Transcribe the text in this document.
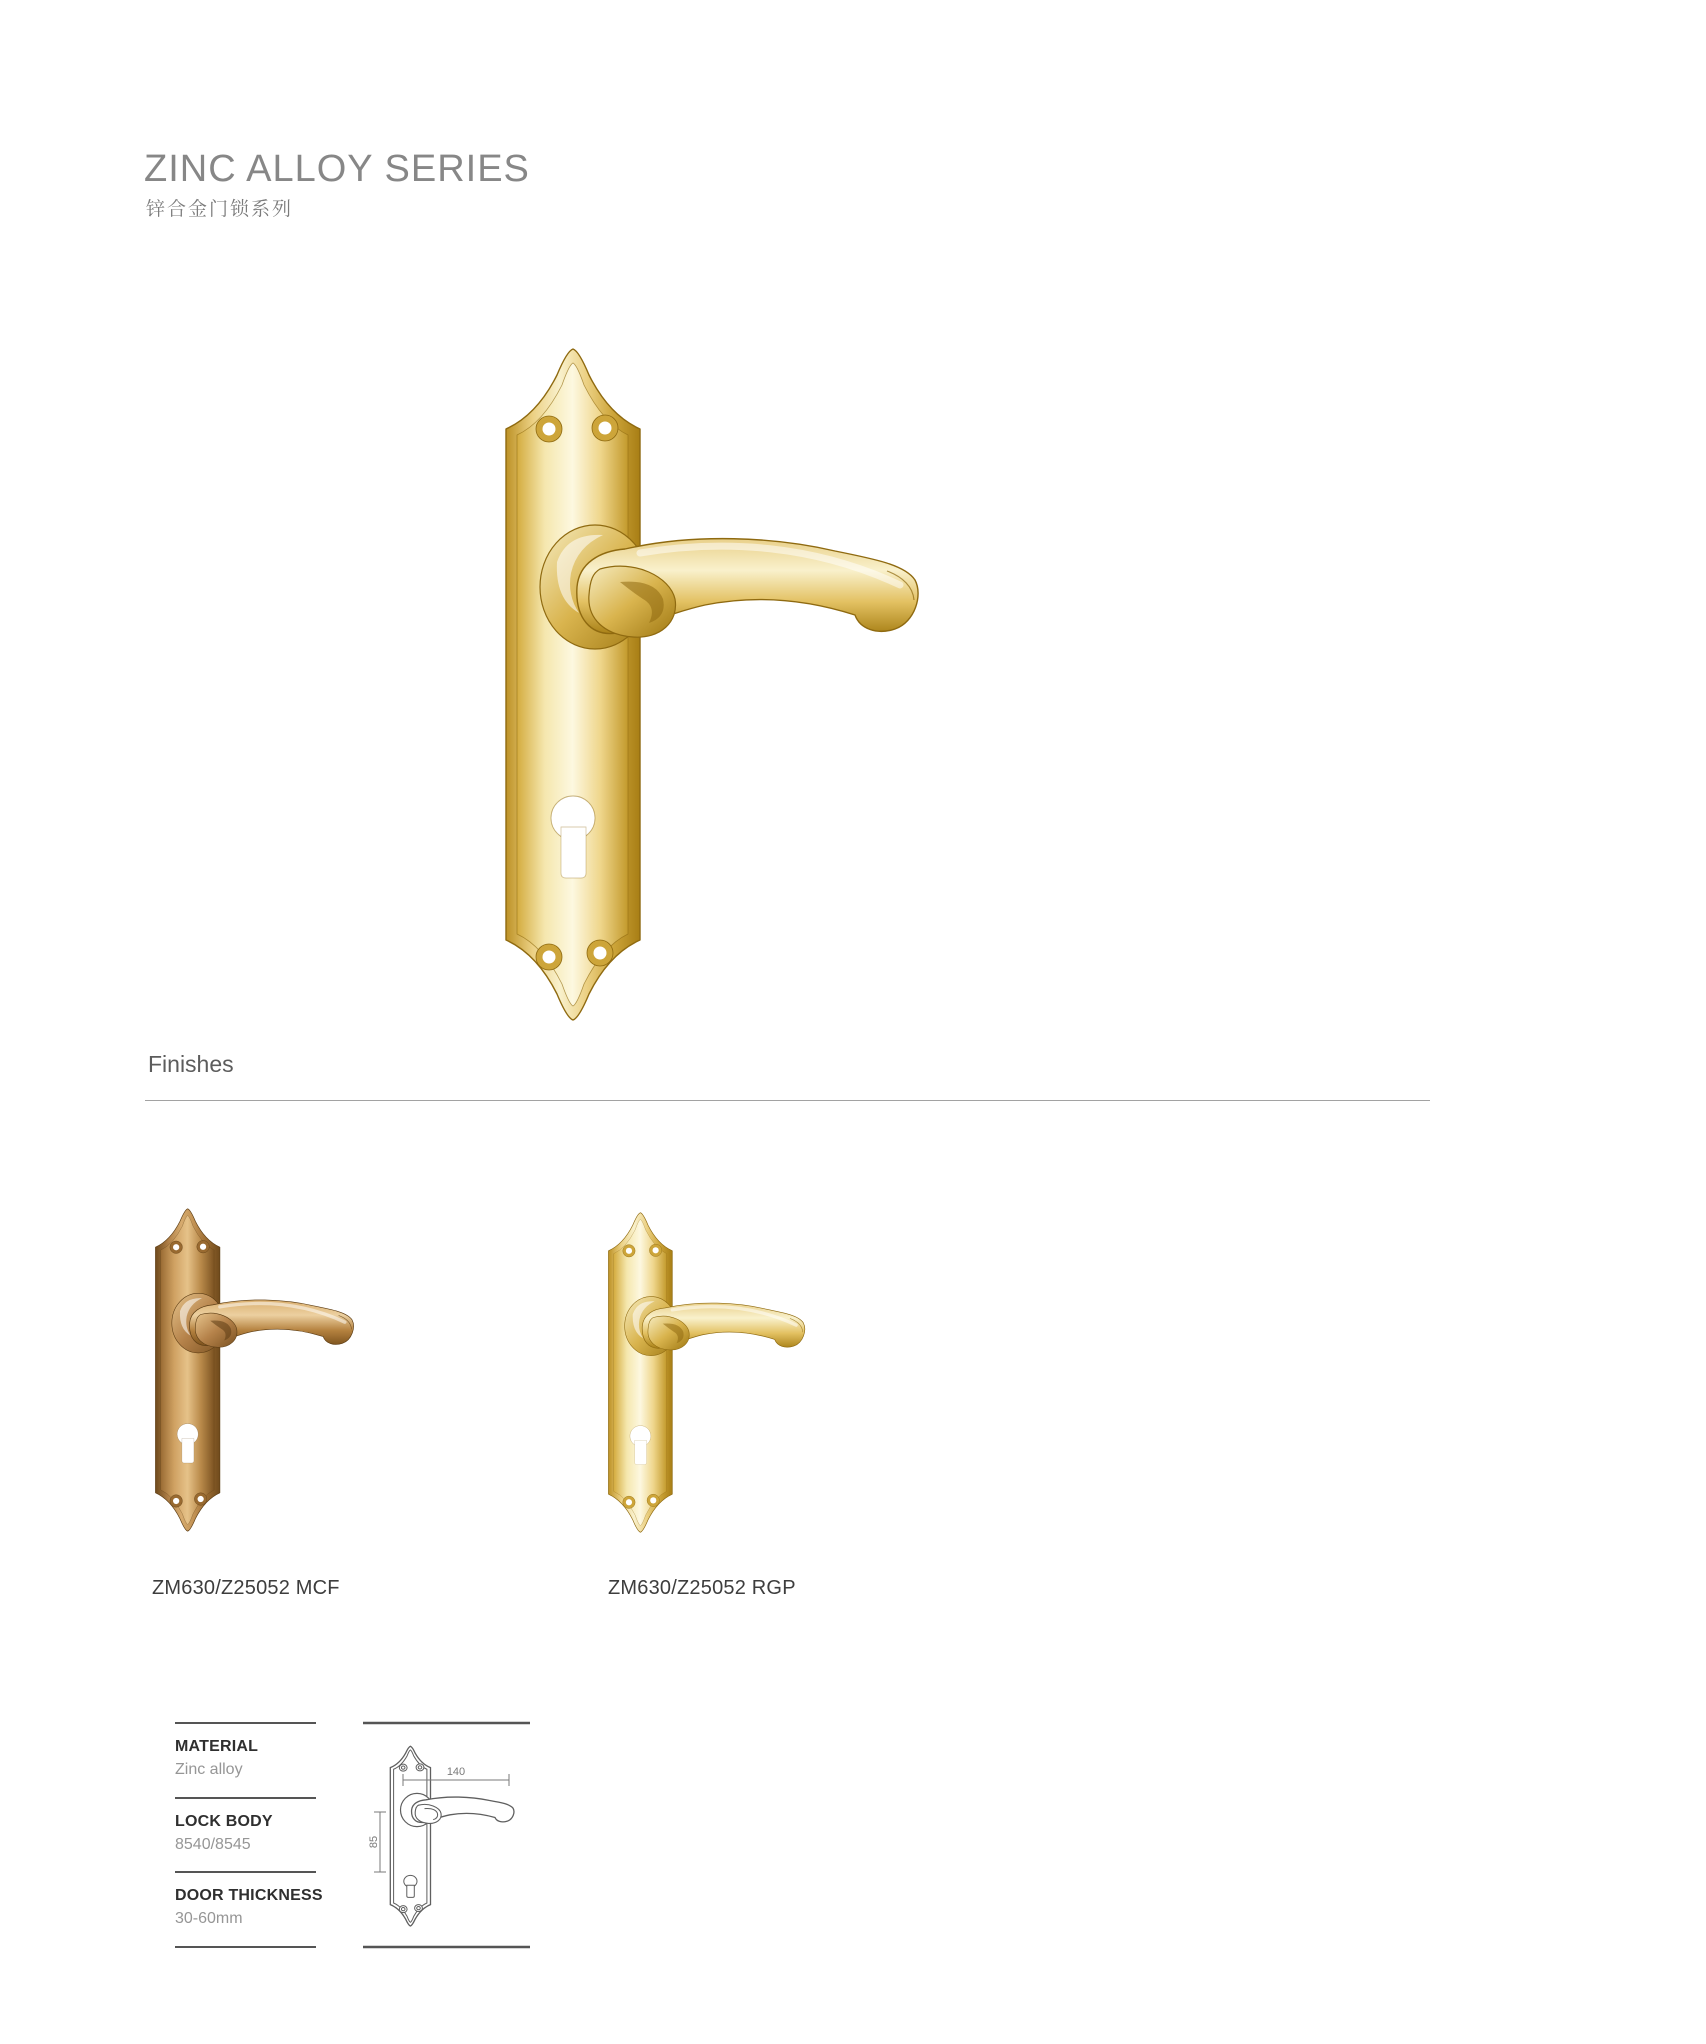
ZINC ALLOY SERIES
锌合金门锁系列
Finishes
ZM630/Z25052 MCF	ZM630/Z25052 RGP
MATERIAL
Zinc alloy
LOCK BODY
8540/8545
DOOR THICKNESS
30-60mm
140
85
